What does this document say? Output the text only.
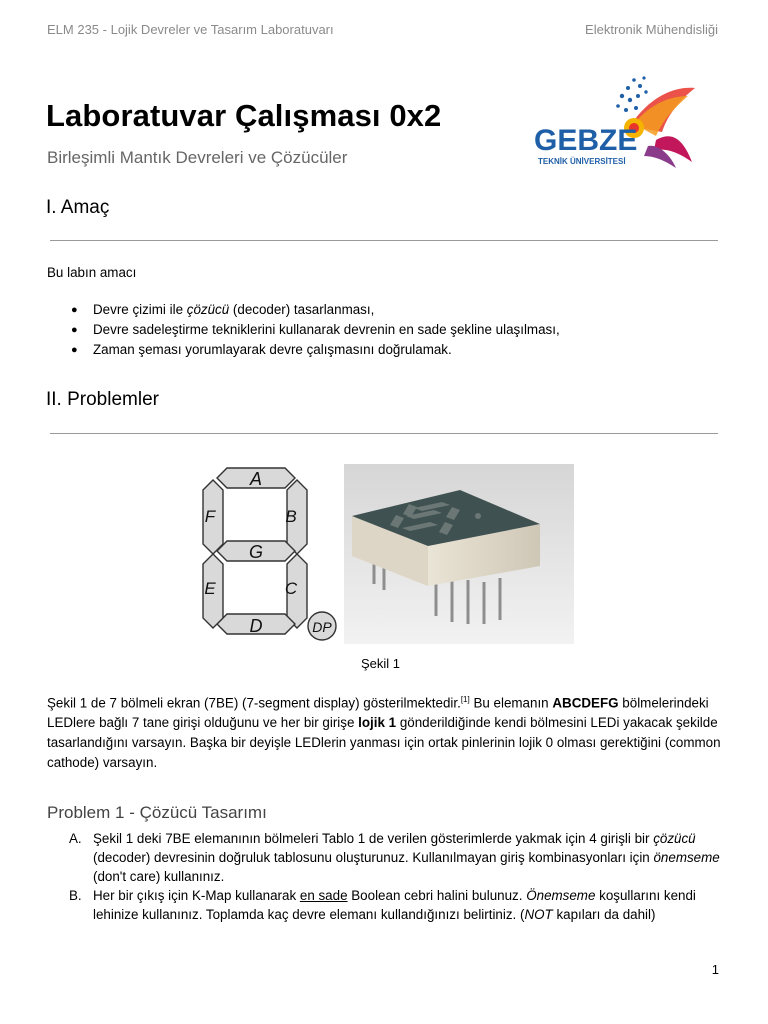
ELM 235 - Lojik Devreler ve Tasarım Laboratuvarı	Elektronik Mühendisliği
Laboratuvar Çalışması 0x2
Birleşimli Mantık Devreleri ve Çözücüler
GEBZE
TEKNİK ÜNİVERSİTESİ
I. Amaç
Bu labın amacı
● Devre çizimi ile çözücü (decoder) tasarlanması,
● Devre sadeleştirme tekniklerini kullanarak devrenin en sade şekline ulaşılması,
● Zaman şeması yorumlayarak devre çalışmasını doğrulamak.
II. Problemler
A
B
F
G
E	C
D	DP
Şekil 1
Şekil 1 de 7 bölmeli ekran (7BE) (7-segment display) gösterilmektedir.[1] Bu elemanın ABCDEFG bölmelerindeki LEDlere bağlı 7 tane girişi olduğunu ve her bir girişe lojik 1 gönderildiğinde kendi bölmesini LEDi yakacak şekilde tasarlandığını varsayın. Başka bir deyişle LEDlerin yanması için ortak pinlerinin lojik 0 olması gerektiğini (common cathode) varsayın.
Problem 1 - Çözücü Tasarımı
A. Şekil 1 deki 7BE elemanının bölmeleri Tablo 1 de verilen gösterimlerde yakmak için 4 girişli bir çözücü (decoder) devresinin doğruluk tablosunu oluşturunuz. Kullanılmayan giriş kombinasyonları için önemseme (don't care) kullanınız.
B. Her bir çıkış için K-Map kullanarak en sade Boolean cebri halini bulunuz. Önemseme koşullarını kendi lehinize kullanınız. Toplamda kaç devre elemanı kullandığınızı belirtiniz. (NOT kapıları da dahil)
1
